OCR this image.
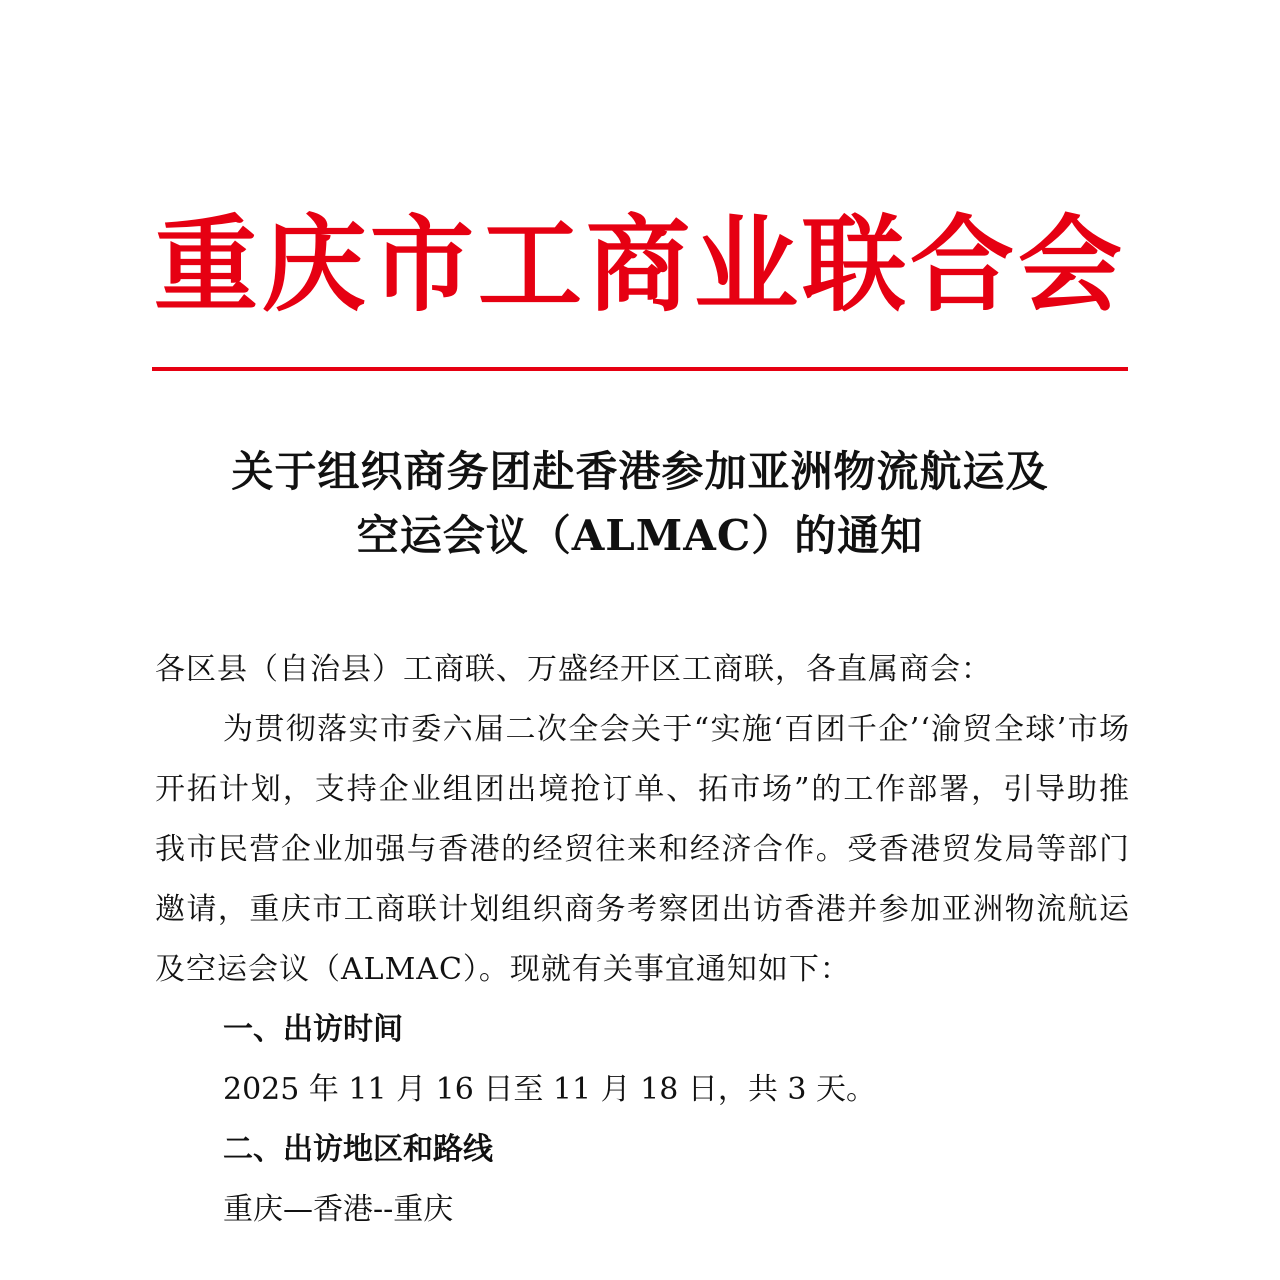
重庆市工商业联合会
关于组织商务团赴香港参加亚洲物流航运及
空运会议（ALMAC）的通知

各区县（自治县）工商联、万盛经开区工商联，各直属商会：

为贯彻落实市委六届二次全会关于“实施‘百团千企’‘渝贸全球’市场开拓计划，支持企业组团出境抢订单、拓市场”的工作部署，引导助推我市民营企业加强与香港的经贸往来和经济合作。受香港贸发局等部门邀请，重庆市工商联计划组织商务考察团出访香港并参加亚洲物流航运及空运会议（ALMAC）。现就有关事宜通知如下：

一、出访时间

2025 年 11 月 16 日至 11 月 18 日，共 3 天。

二、出访地区和路线

重庆—香港--重庆
